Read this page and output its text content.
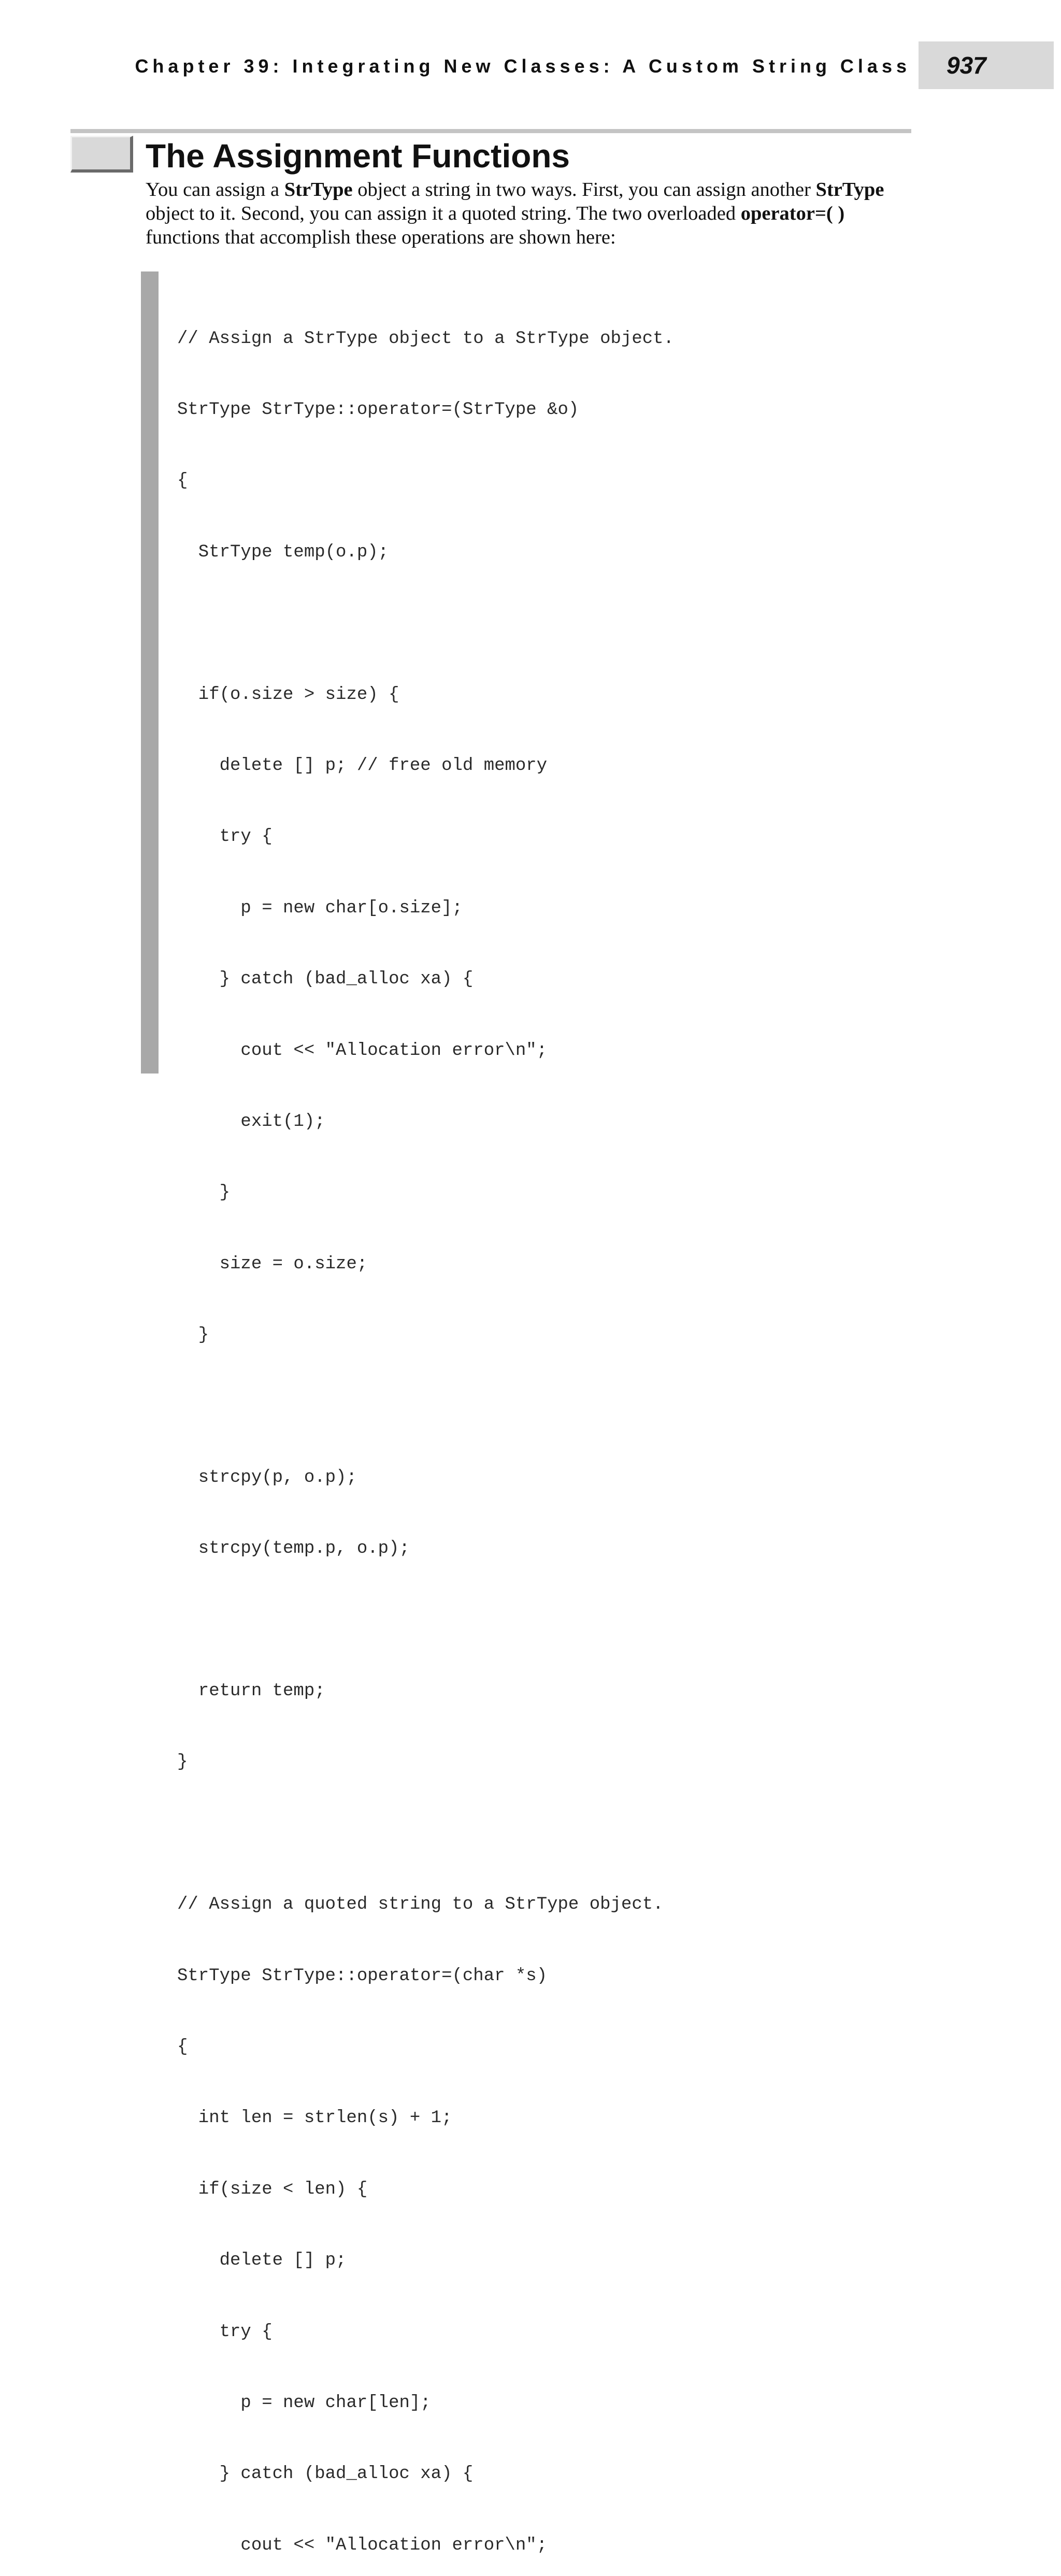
Chapter 39: Integrating New Classes: A Custom String Class 937
The Assignment Functions

You can assign a StrType object a string in two ways. First, you can assign another StrType object to it. Second, you can assign it a quoted string. The two overloaded operator=( ) functions that accomplish these operations are shown here:

// Assign a StrType object to a StrType object.

StrType StrType::operator=(StrType &o)

{

StrType temp(o.p);

if(o.size > size) {

delete [] p; // free old memory

try {

p = new char[o.size];

} catch (bad_alloc xa) {

cout << "Allocation error\n";

exit(1);

}

size = o.size;

}

strcpy(p, o.p);

strcpy(temp.p, o.p);

return temp;

}

// Assign a quoted string to a StrType object.

StrType StrType::operator=(char *s)

{

int len = strlen(s) + 1;

if(size < len) {

delete [] p;

try {

p = new char[len];

} catch (bad_alloc xa) {

cout << "Allocation error\n";
